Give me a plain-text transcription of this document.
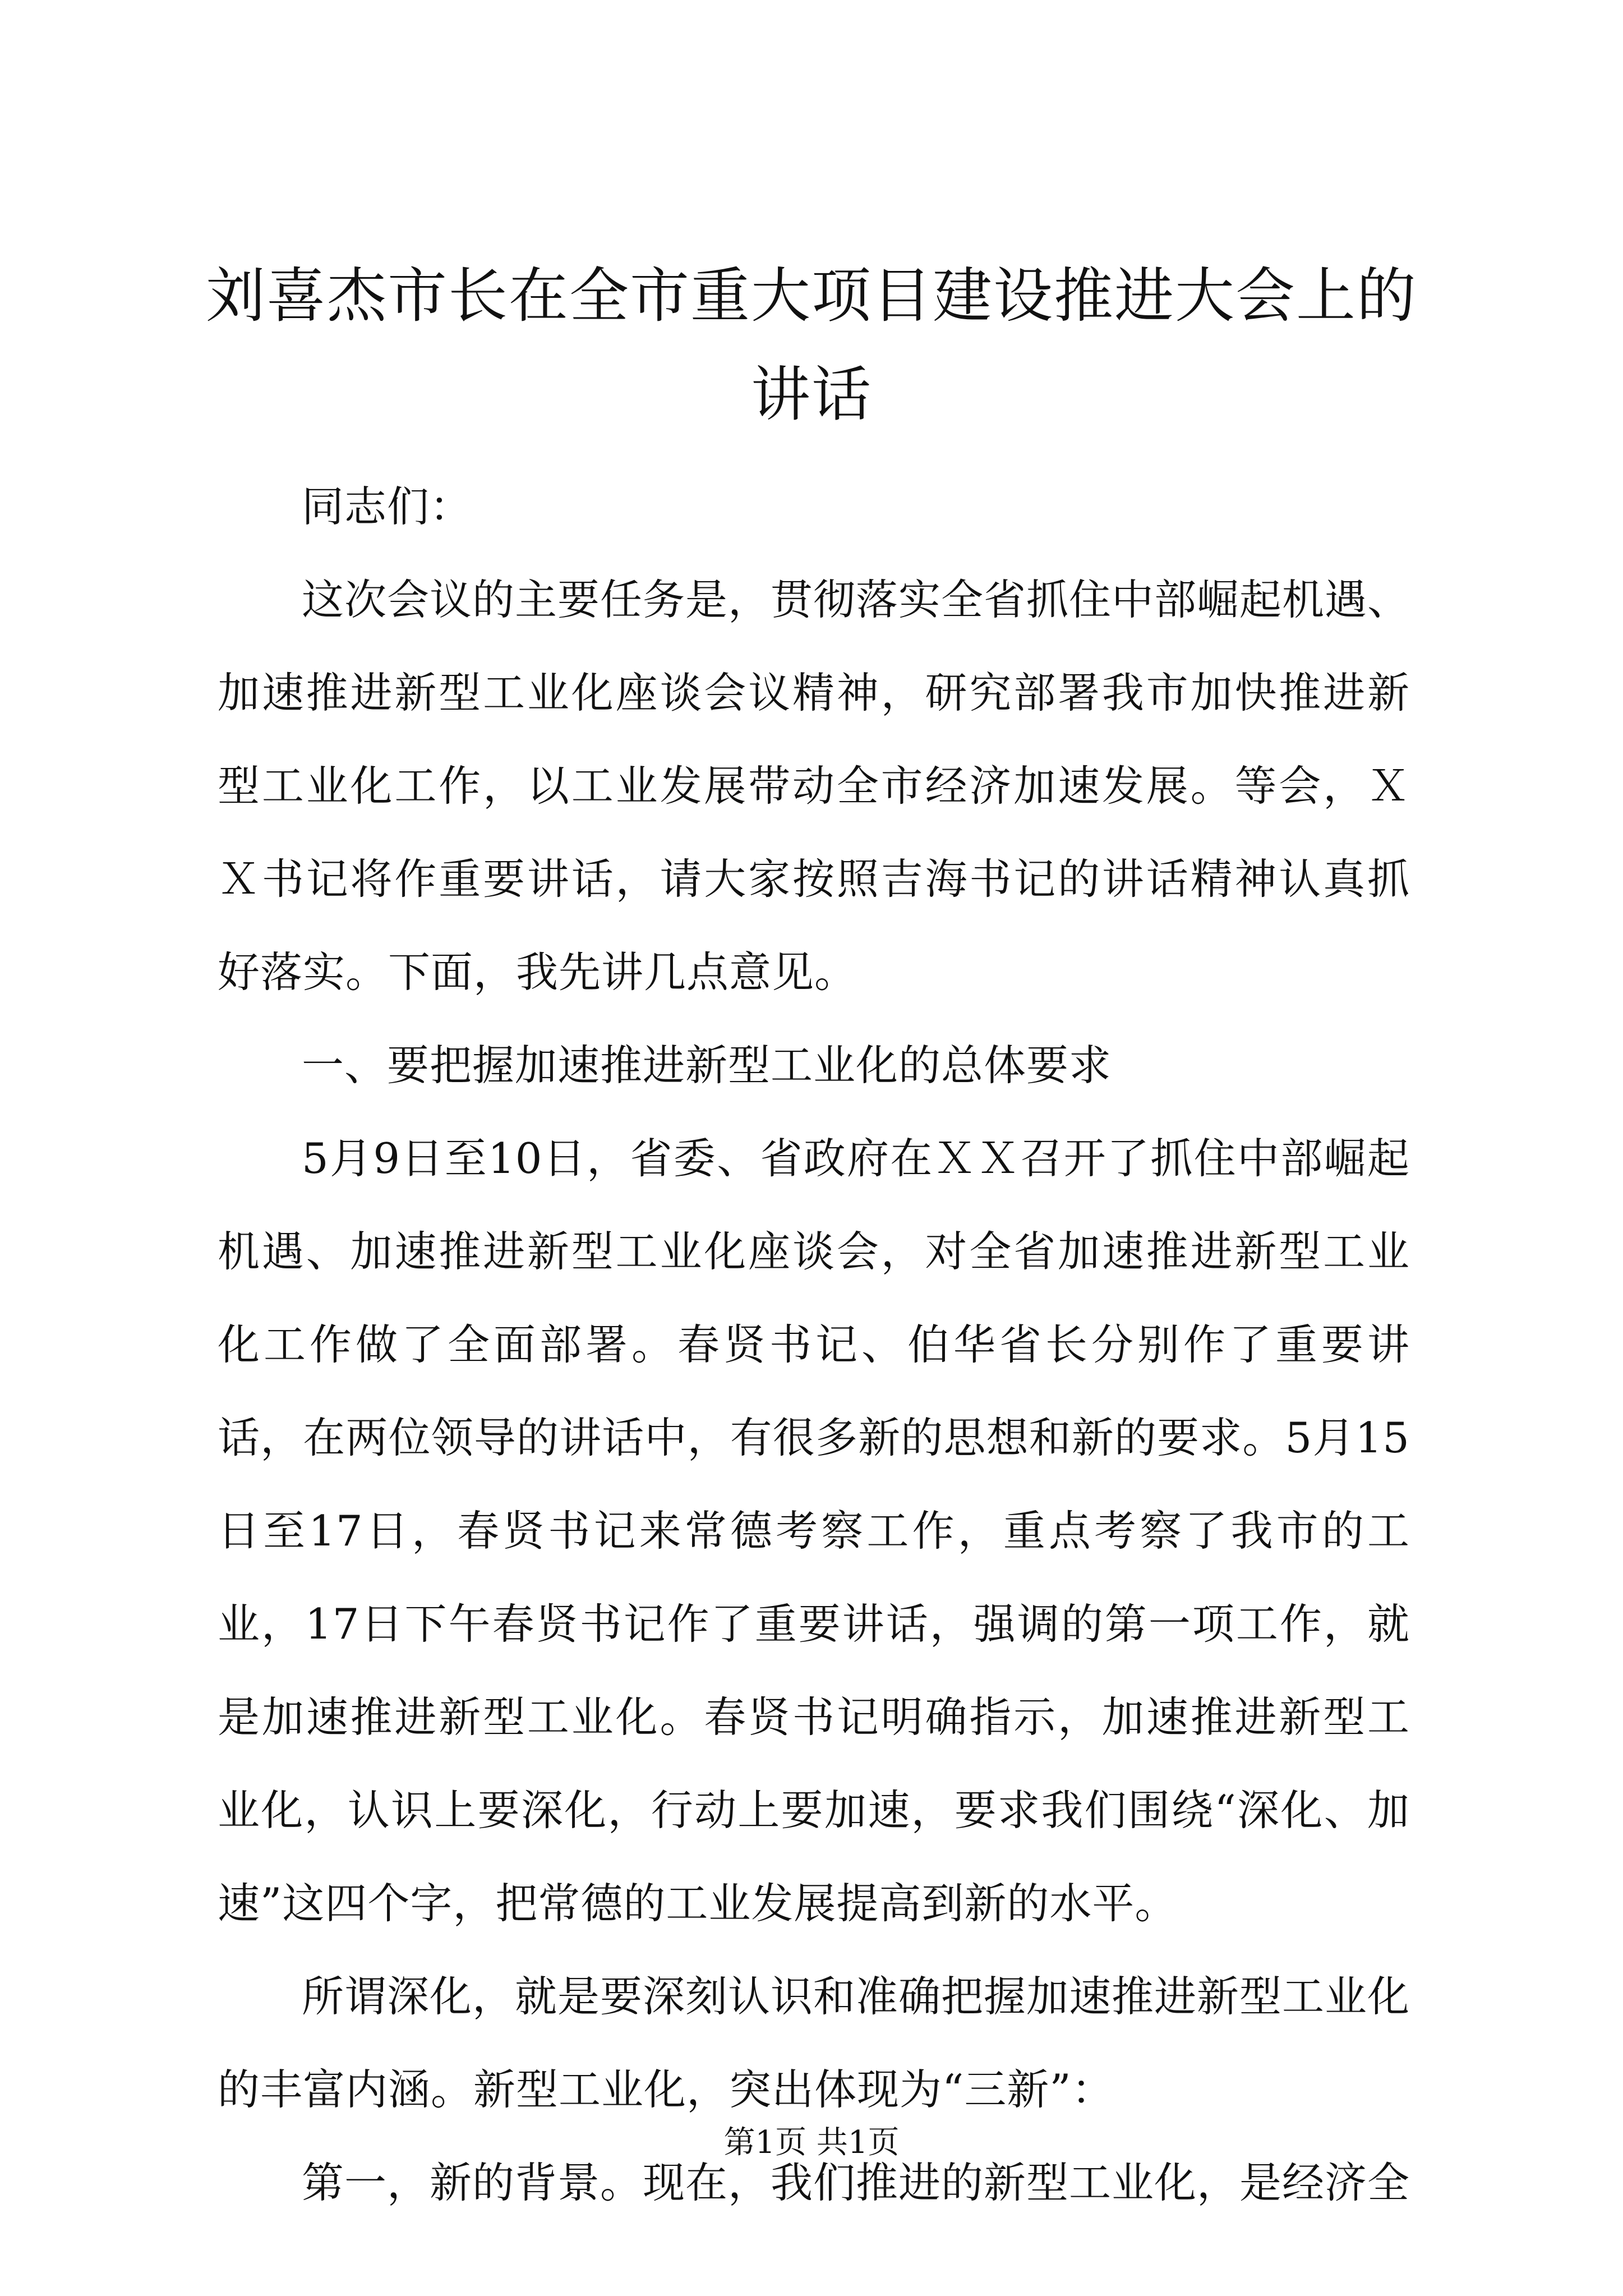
刘喜杰市长在全市重大项目建设推进大会上的讲话

同志们：

这次会议的主要任务是，贯彻落实全省抓住中部崛起机遇、加速推进新型工业化座谈会议精神，研究部署我市加快推进新型工业化工作，以工业发展带动全市经济加速发展。等会，ＸＸ书记将作重要讲话，请大家按照吉海书记的讲话精神认真抓好落实。下面，我先讲几点意见。

一、要把握加速推进新型工业化的总体要求

5月9日至10日，省委、省政府在ＸＸ召开了抓住中部崛起机遇、加速推进新型工业化座谈会，对全省加速推进新型工业化工作做了全面部署。春贤书记、伯华省长分别作了重要讲话，在两位领导的讲话中，有很多新的思想和新的要求。5月15日至17日，春贤书记来常德考察工作，重点考察了我市的工业，17日下午春贤书记作了重要讲话，强调的第一项工作，就是加速推进新型工业化。春贤书记明确指示，加速推进新型工业化，认识上要深化，行动上要加速，要求我们围绕“深化、加速”这四个字，把常德的工业发展提高到新的水平。

所谓深化，就是要深刻认识和准确把握加速推进新型工业化的丰富内涵。新型工业化，突出体现为“三新”：

第一，新的背景。现在，我们推进的新型工业化，是经济全

第1页 共1页
